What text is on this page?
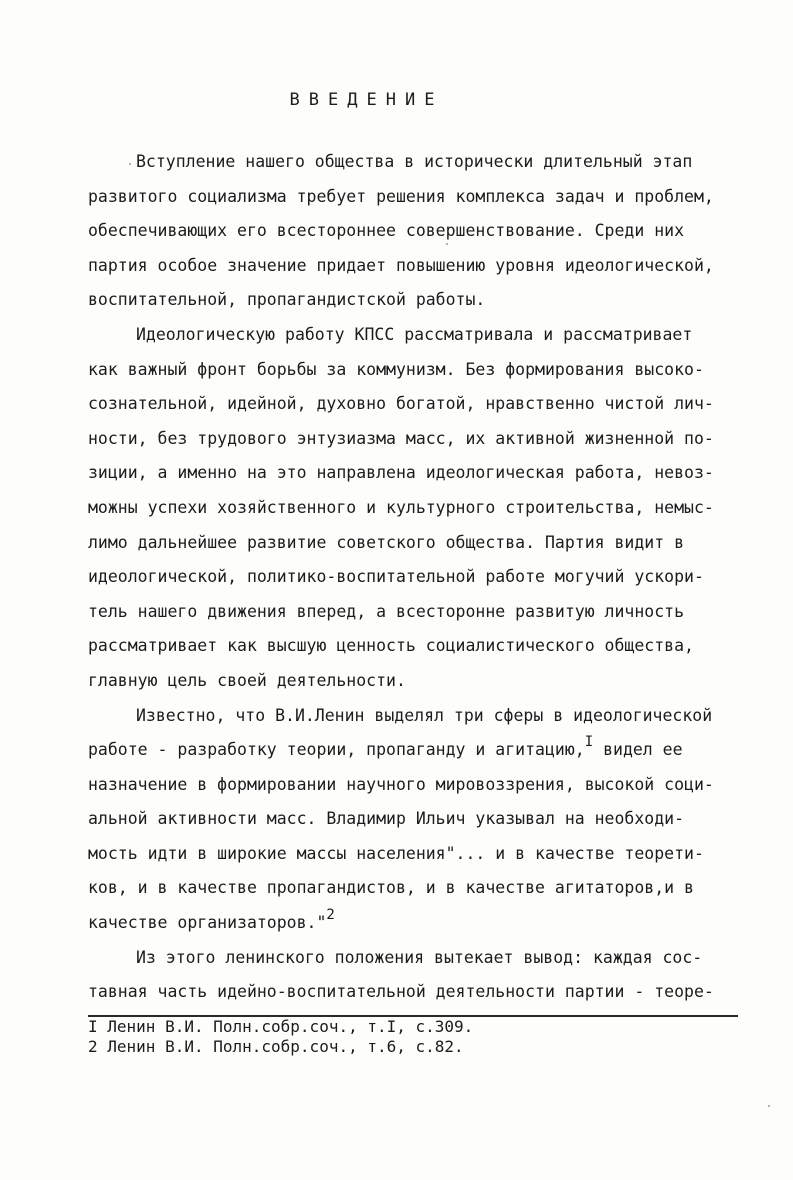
ВВЕДЕНИЕ
Вступление нашего общества в исторически длительный этап
развитого социализма требует решения комплекса задач и проблем,
обеспечивающих его всестороннее совершенствование. Среди них
партия особое значение придает повышению уровня идеологической,
воспитательной, пропагандистской работы.
Идеологическую работу КПСС рассматривала и рассматривает
как важный фронт борьбы за коммунизм. Без формирования высоко-
сознательной, идейной, духовно богатой, нравственно чистой лич-
ности, без трудового энтузиазма масс, их активной жизненной по-
зиции, а именно на это направлена идеологическая работа, невоз-
можны успехи хозяйственного и культурного строительства, немыс-
лимо дальнейшее развитие советского общества. Партия видит в
идеологической, политико-воспитательной работе могучий ускори-
тель нашего движения вперед, а всесторонне развитую личность
рассматривает как высшую ценность социалистического общества,
главную цель своей деятельности.
Известно, что В.И.Ленин выделял три сферы в идеологической
работе - разработку теории, пропаганду и агитацию,$^I$ видел ее
назначение в формировании научного мировоззрения, высокой соци-
альной активности масс. Владимир Ильич указывал на необходи-
мость идти в широкие массы населения"... и в качестве теорети-
ков, и в качестве пропагандистов, и в качестве агитаторов,и в
качестве организаторов."$^2$
Из этого ленинского положения вытекает вывод: каждая сос-
тавная часть идейно-воспитательной деятельности партии - теоре-
I Ленин В.И. Полн.собр.соч., т.I, с.309.
2 Ленин В.И. Полн.собр.соч., т.6, с.82.
